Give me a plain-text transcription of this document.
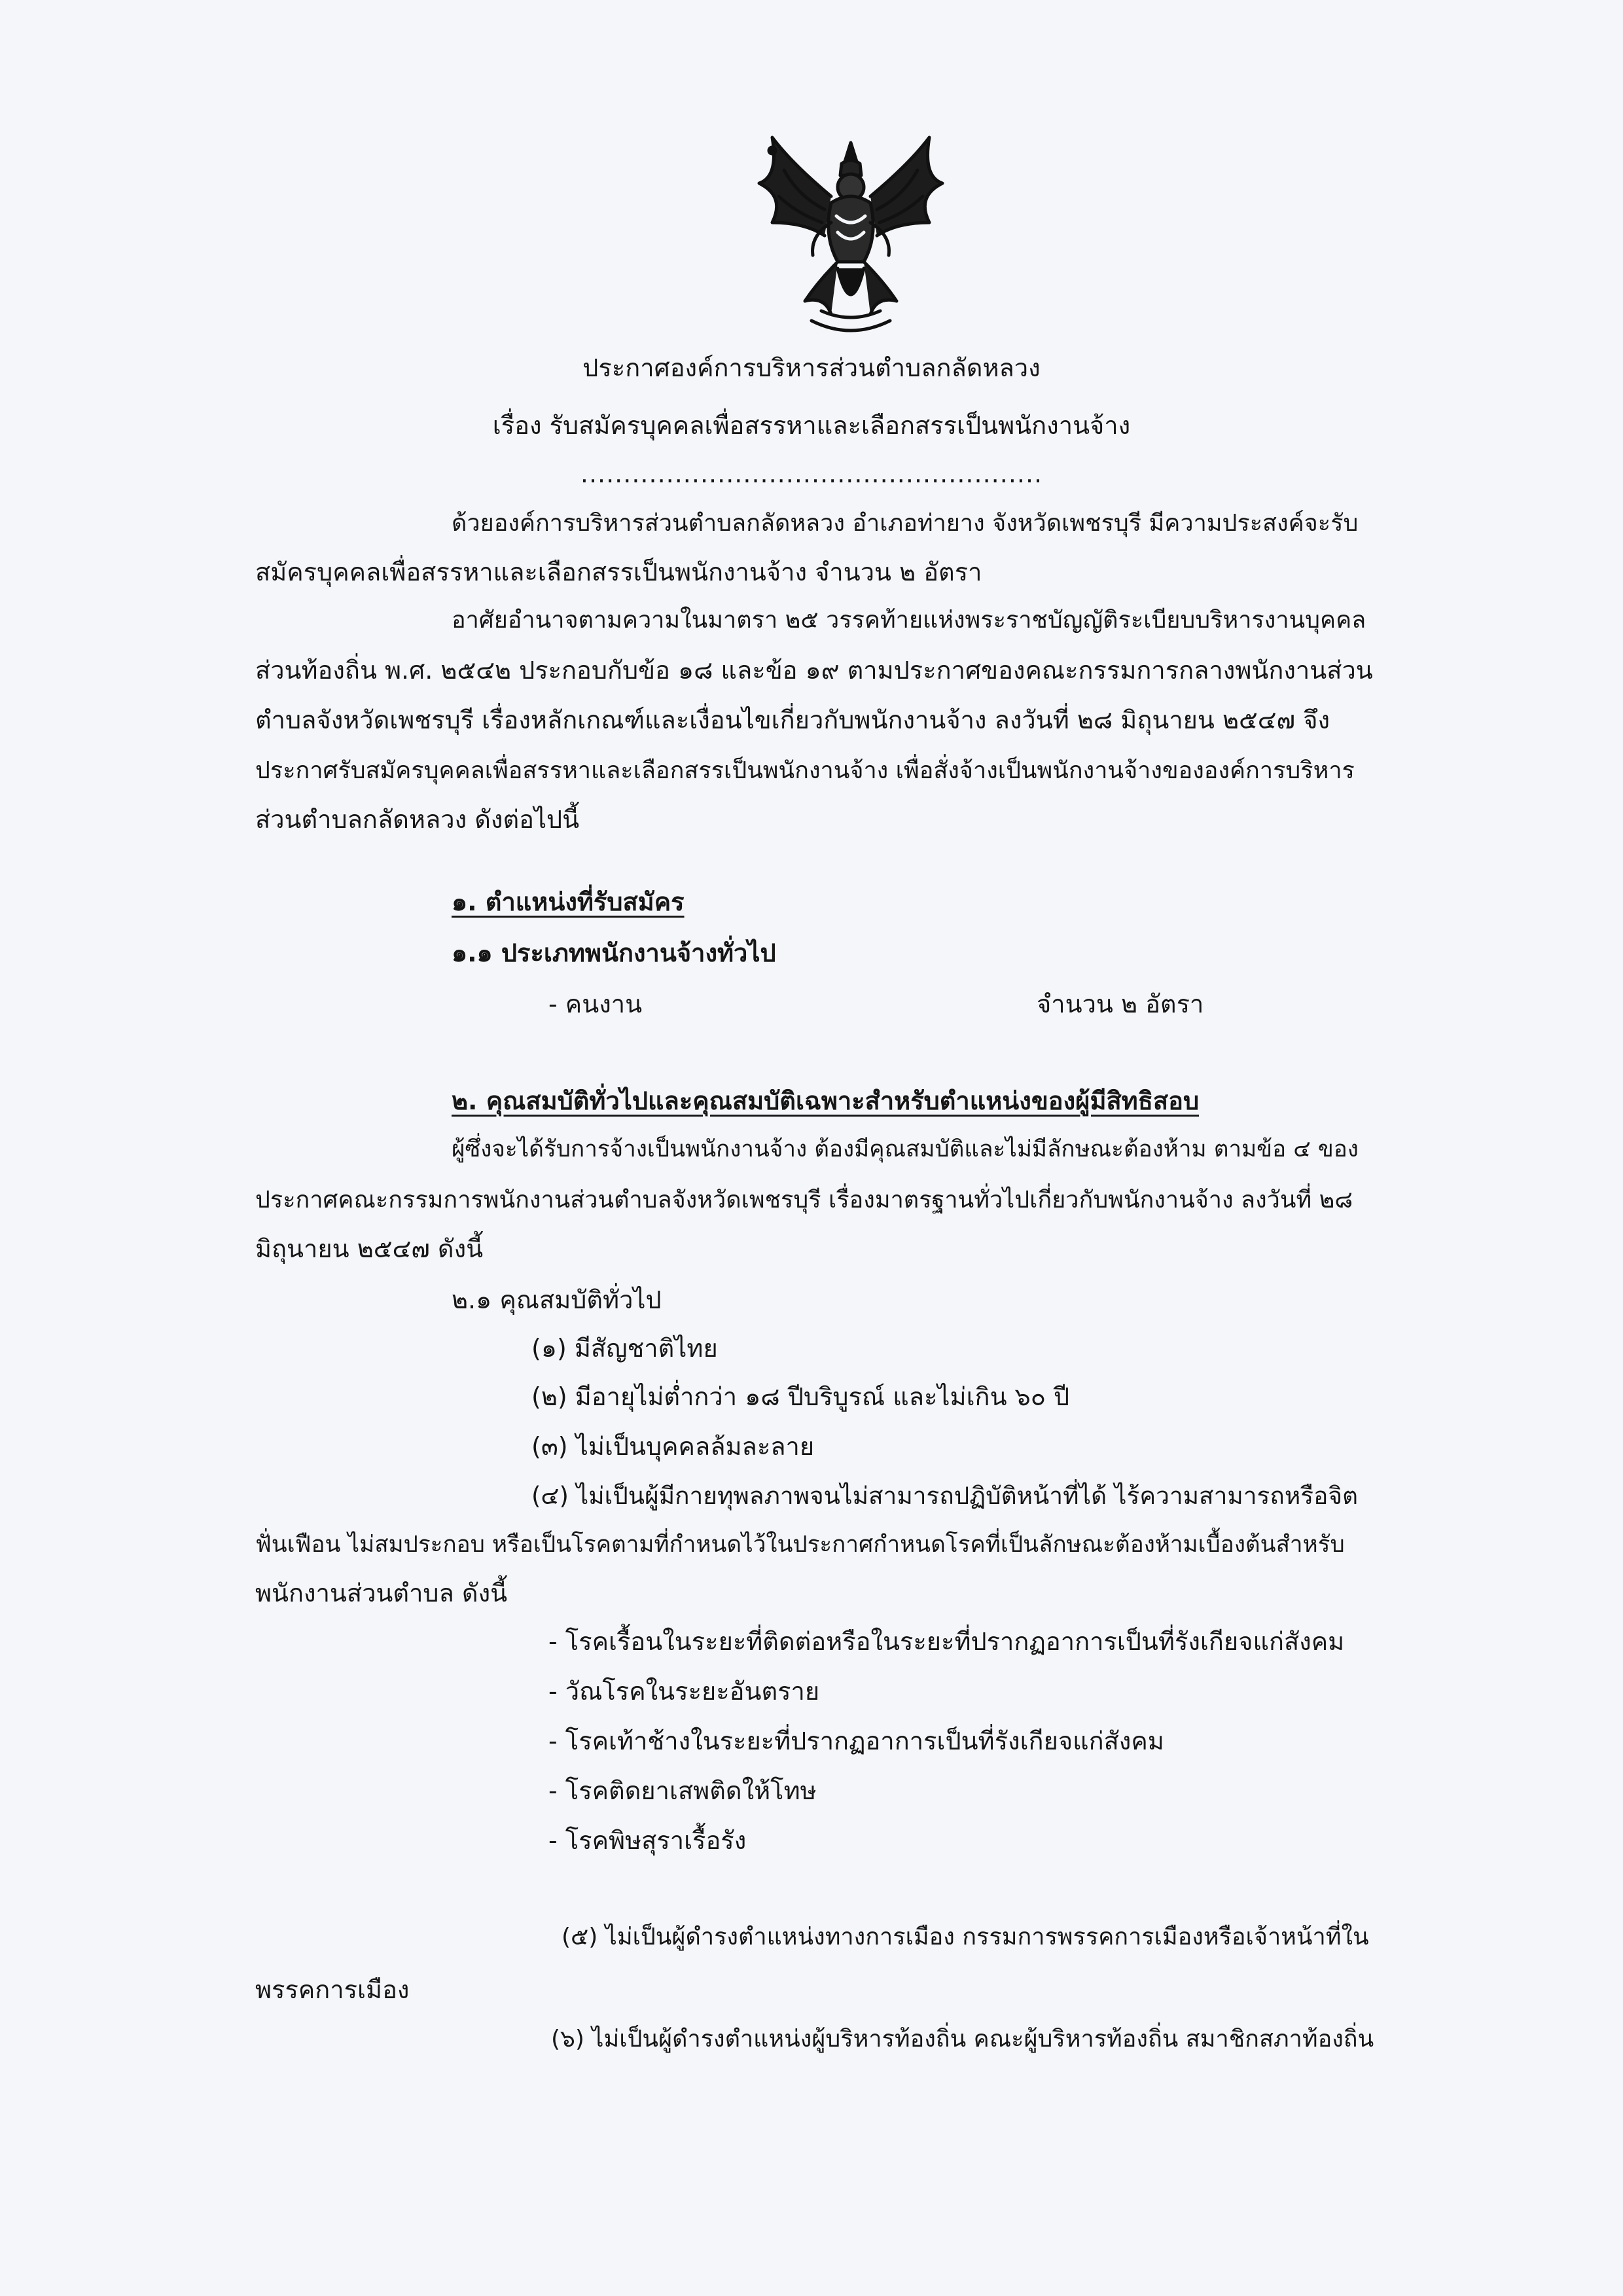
ประกาศองค์การบริหารส่วนตำบลกลัดหลวง
เรื่อง รับสมัครบุคคลเพื่อสรรหาและเลือกสรรเป็นพนักงานจ้าง
......................................................
ด้วยองค์การบริหารส่วนตำบลกลัดหลวง อำเภอท่ายาง จังหวัดเพชรบุรี มีความประสงค์จะรับ
สมัครบุคคลเพื่อสรรหาและเลือกสรรเป็นพนักงานจ้าง จำนวน ๒ อัตรา
อาศัยอำนาจตามความในมาตรา ๒๕ วรรคท้ายแห่งพระราชบัญญัติระเบียบบริหารงานบุคคล
ส่วนท้องถิ่น พ.ศ. ๒๕๔๒ ประกอบกับข้อ ๑๘ และข้อ ๑๙ ตามประกาศของคณะกรรมการกลางพนักงานส่วน
ตำบลจังหวัดเพชรบุรี เรื่องหลักเกณฑ์และเงื่อนไขเกี่ยวกับพนักงานจ้าง ลงวันที่ ๒๘ มิถุนายน ๒๕๔๗ จึง
ประกาศรับสมัครบุคคลเพื่อสรรหาและเลือกสรรเป็นพนักงานจ้าง เพื่อสั่งจ้างเป็นพนักงานจ้างขององค์การบริหาร
ส่วนตำบลกลัดหลวง ดังต่อไปนี้
๑. ตำแหน่งที่รับสมัคร
๑.๑ ประเภทพนักงานจ้างทั่วไป
- คนงาน	จำนวน ๒ อัตรา
๒. คุณสมบัติทั่วไปและคุณสมบัติเฉพาะสำหรับตำแหน่งของผู้มีสิทธิสอบ
ผู้ซึ่งจะได้รับการจ้างเป็นพนักงานจ้าง ต้องมีคุณสมบัติและไม่มีลักษณะต้องห้าม ตามข้อ ๔ ของ
ประกาศคณะกรรมการพนักงานส่วนตำบลจังหวัดเพชรบุรี เรื่องมาตรฐานทั่วไปเกี่ยวกับพนักงานจ้าง ลงวันที่ ๒๘
มิถุนายน ๒๕๔๗ ดังนี้
๒.๑ คุณสมบัติทั่วไป
(๑) มีสัญชาติไทย
(๒) มีอายุไม่ต่ำกว่า ๑๘ ปีบริบูรณ์ และไม่เกิน ๖๐ ปี
(๓) ไม่เป็นบุคคลล้มละลาย
(๔) ไม่เป็นผู้มีกายทุพลภาพจนไม่สามารถปฏิบัติหน้าที่ได้ ไร้ความสามารถหรือจิต
ฟั่นเฟือน ไม่สมประกอบ หรือเป็นโรคตามที่กำหนดไว้ในประกาศกำหนดโรคที่เป็นลักษณะต้องห้ามเบื้องต้นสำหรับ
พนักงานส่วนตำบล ดังนี้
- โรคเรื้อนในระยะที่ติดต่อหรือในระยะที่ปรากฏอาการเป็นที่รังเกียจแก่สังคม
- วัณโรคในระยะอันตราย
- โรคเท้าช้างในระยะที่ปรากฏอาการเป็นที่รังเกียจแก่สังคม
- โรคติดยาเสพติดให้โทษ
- โรคพิษสุราเรื้อรัง
(๕) ไม่เป็นผู้ดำรงตำแหน่งทางการเมือง กรรมการพรรคการเมืองหรือเจ้าหน้าที่ใน
พรรคการเมือง
(๖) ไม่เป็นผู้ดำรงตำแหน่งผู้บริหารท้องถิ่น คณะผู้บริหารท้องถิ่น สมาชิกสภาท้องถิ่น
